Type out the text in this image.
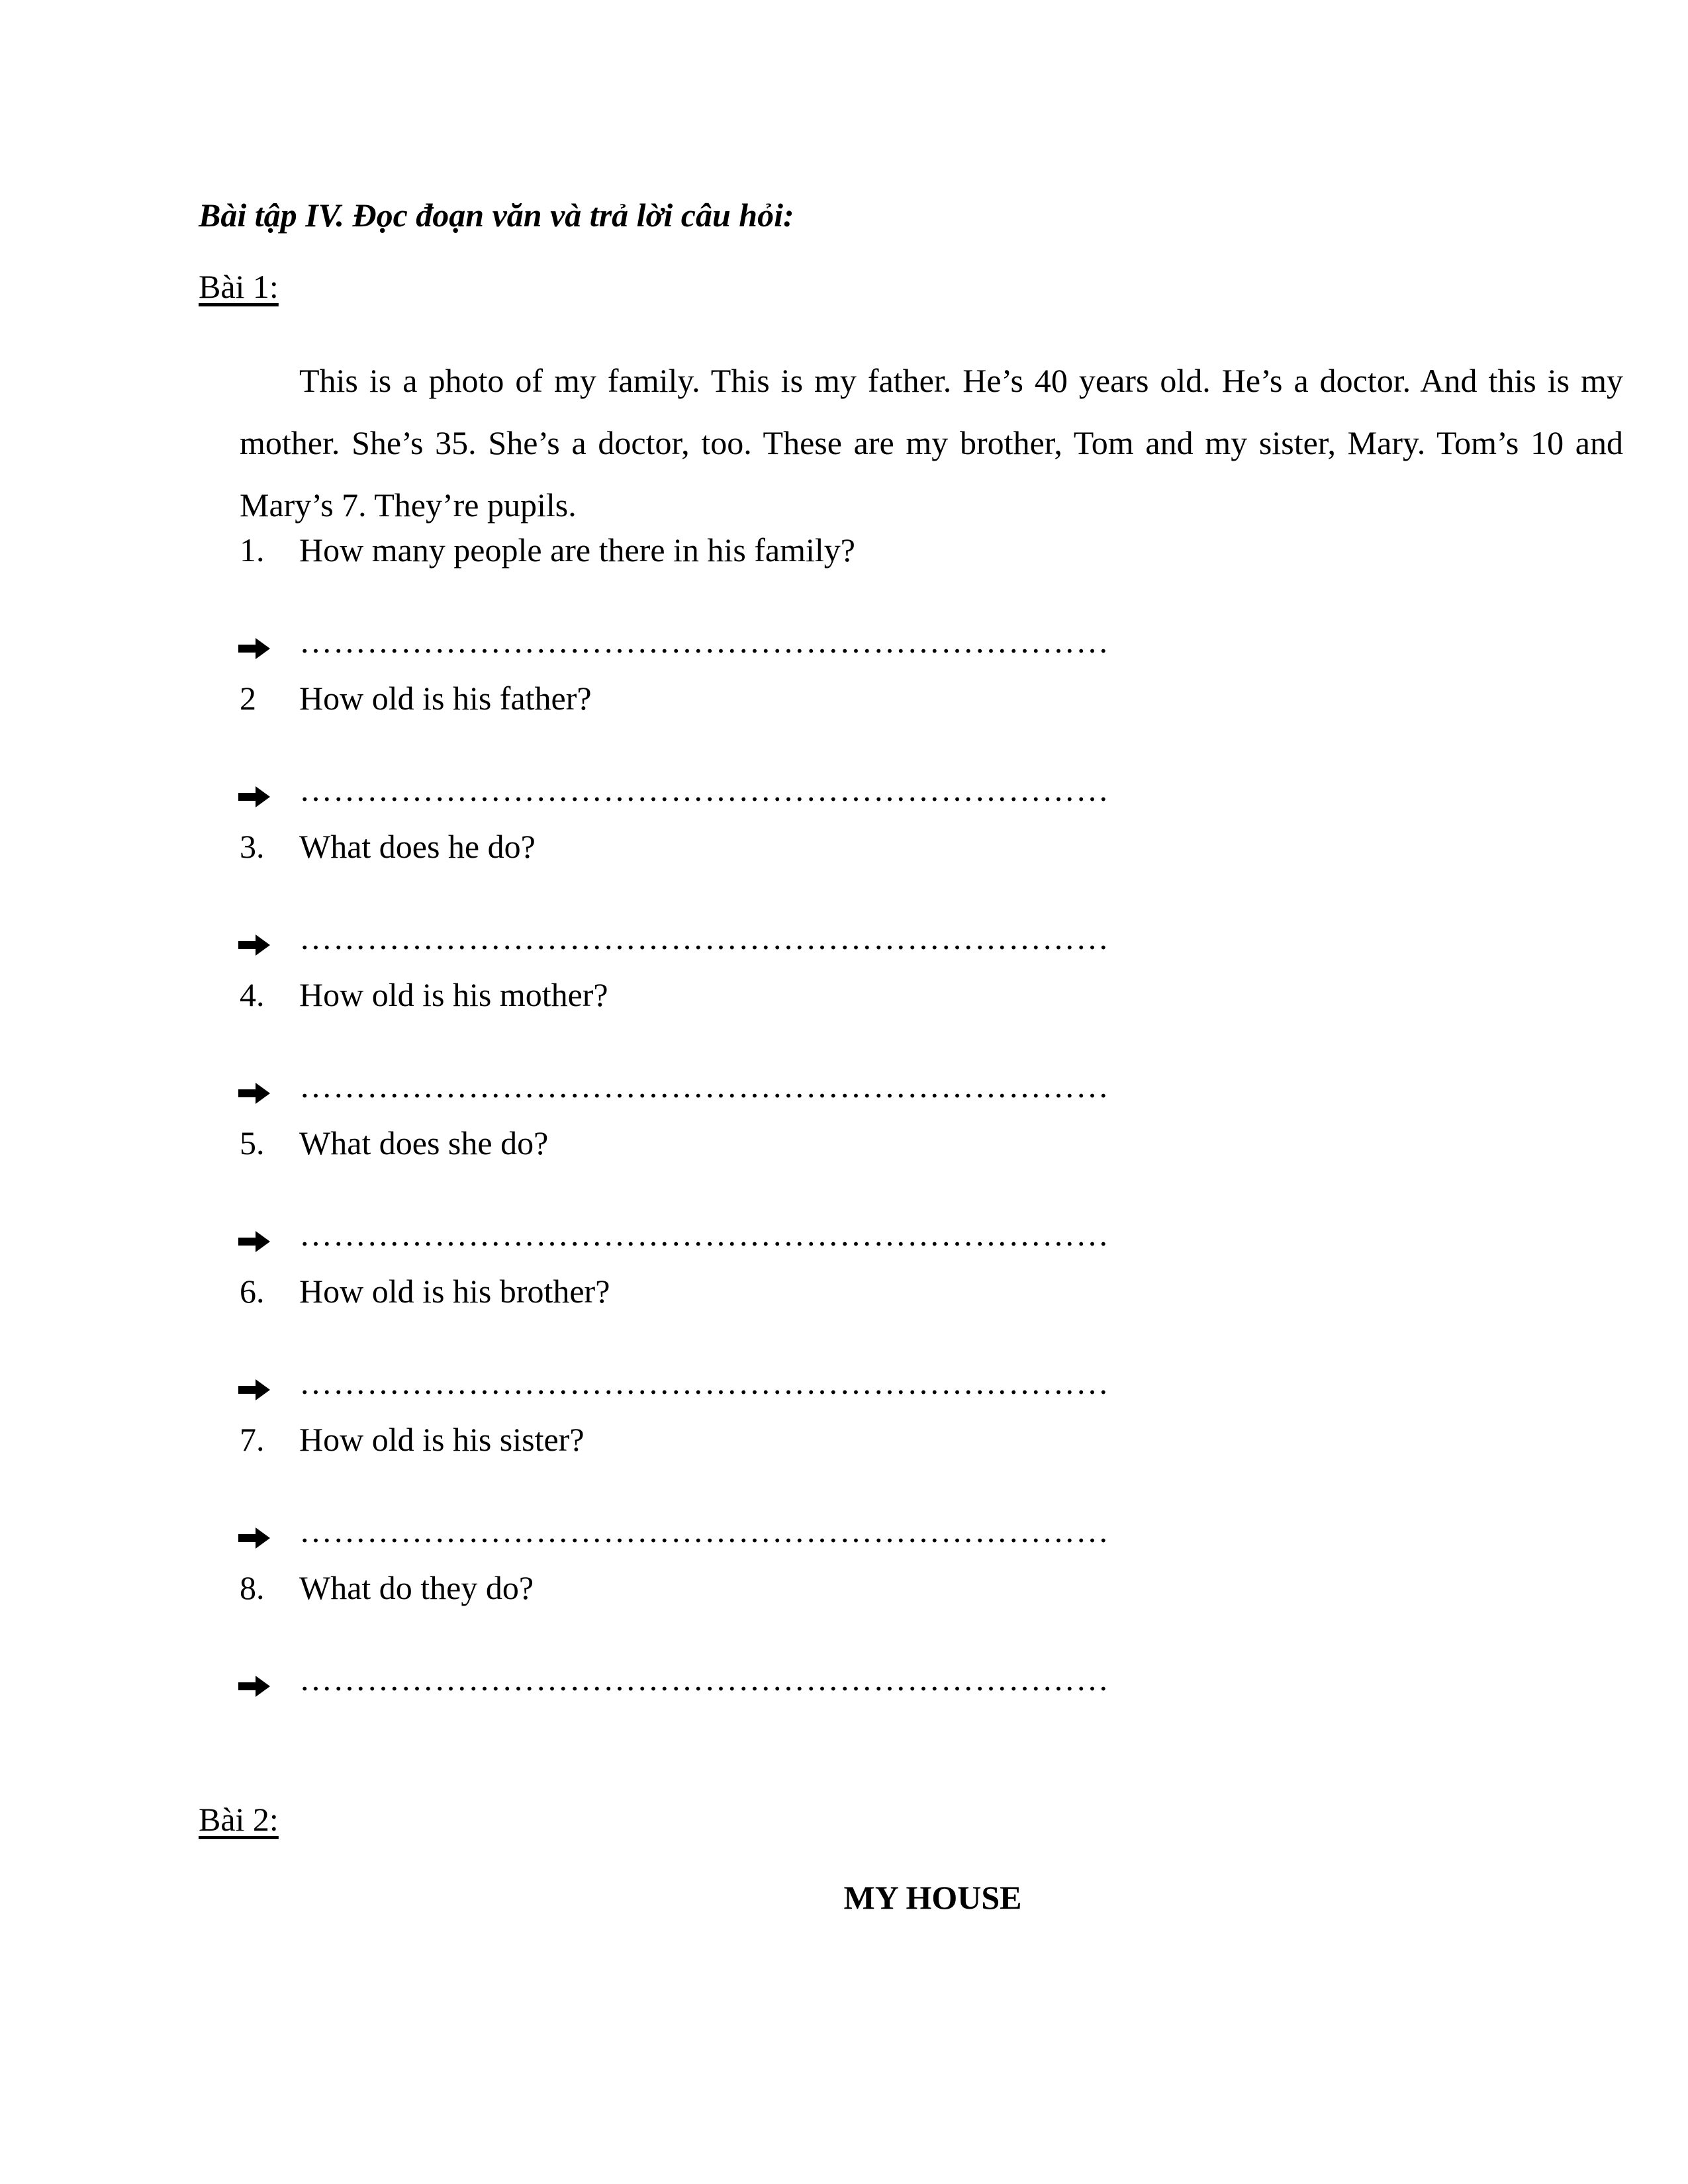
Bài tập IV. Đọc đoạn văn và trả lời câu hỏi:
Bài 1:
This is a photo of my family. This is my father. He’s 40 years old. He’s a doctor. And this is my mother. She’s 35. She’s a doctor, too. These are my brother, Tom and my sister, Mary. Tom’s 10 and Mary’s 7. They’re pupils.
1. How many people are there in his family?
………………………………………………………………
2 How old is his father?
………………………………………………………………
3. What does he do?
………………………………………………………………
4. How old is his mother?
………………………………………………………………
5. What does she do?
………………………………………………………………
6. How old is his brother?
………………………………………………………………
7. How old is his sister?
………………………………………………………………
8. What do they do?
………………………………………………………………
Bài 2:
MY HOUSE
